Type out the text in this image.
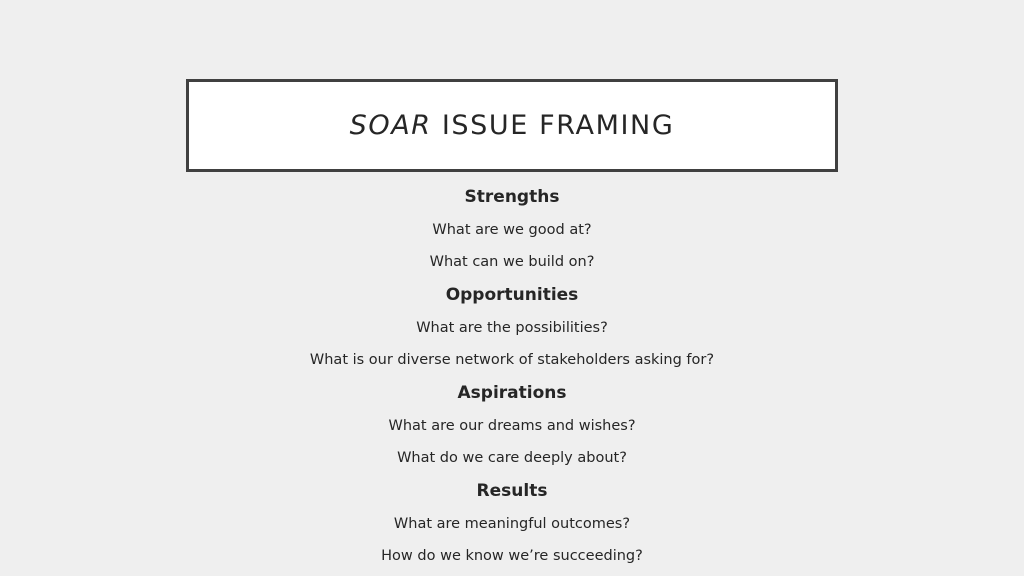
SOAR ISSUE FRAMING
Strengths
What are we good at?
What can we build on?
Opportunities
What are the possibilities?
What is our diverse network of stakeholders asking for?
Aspirations
What are our dreams and wishes?
What do we care deeply about?
Results
What are meaningful outcomes?
How do we know we’re succeeding?
